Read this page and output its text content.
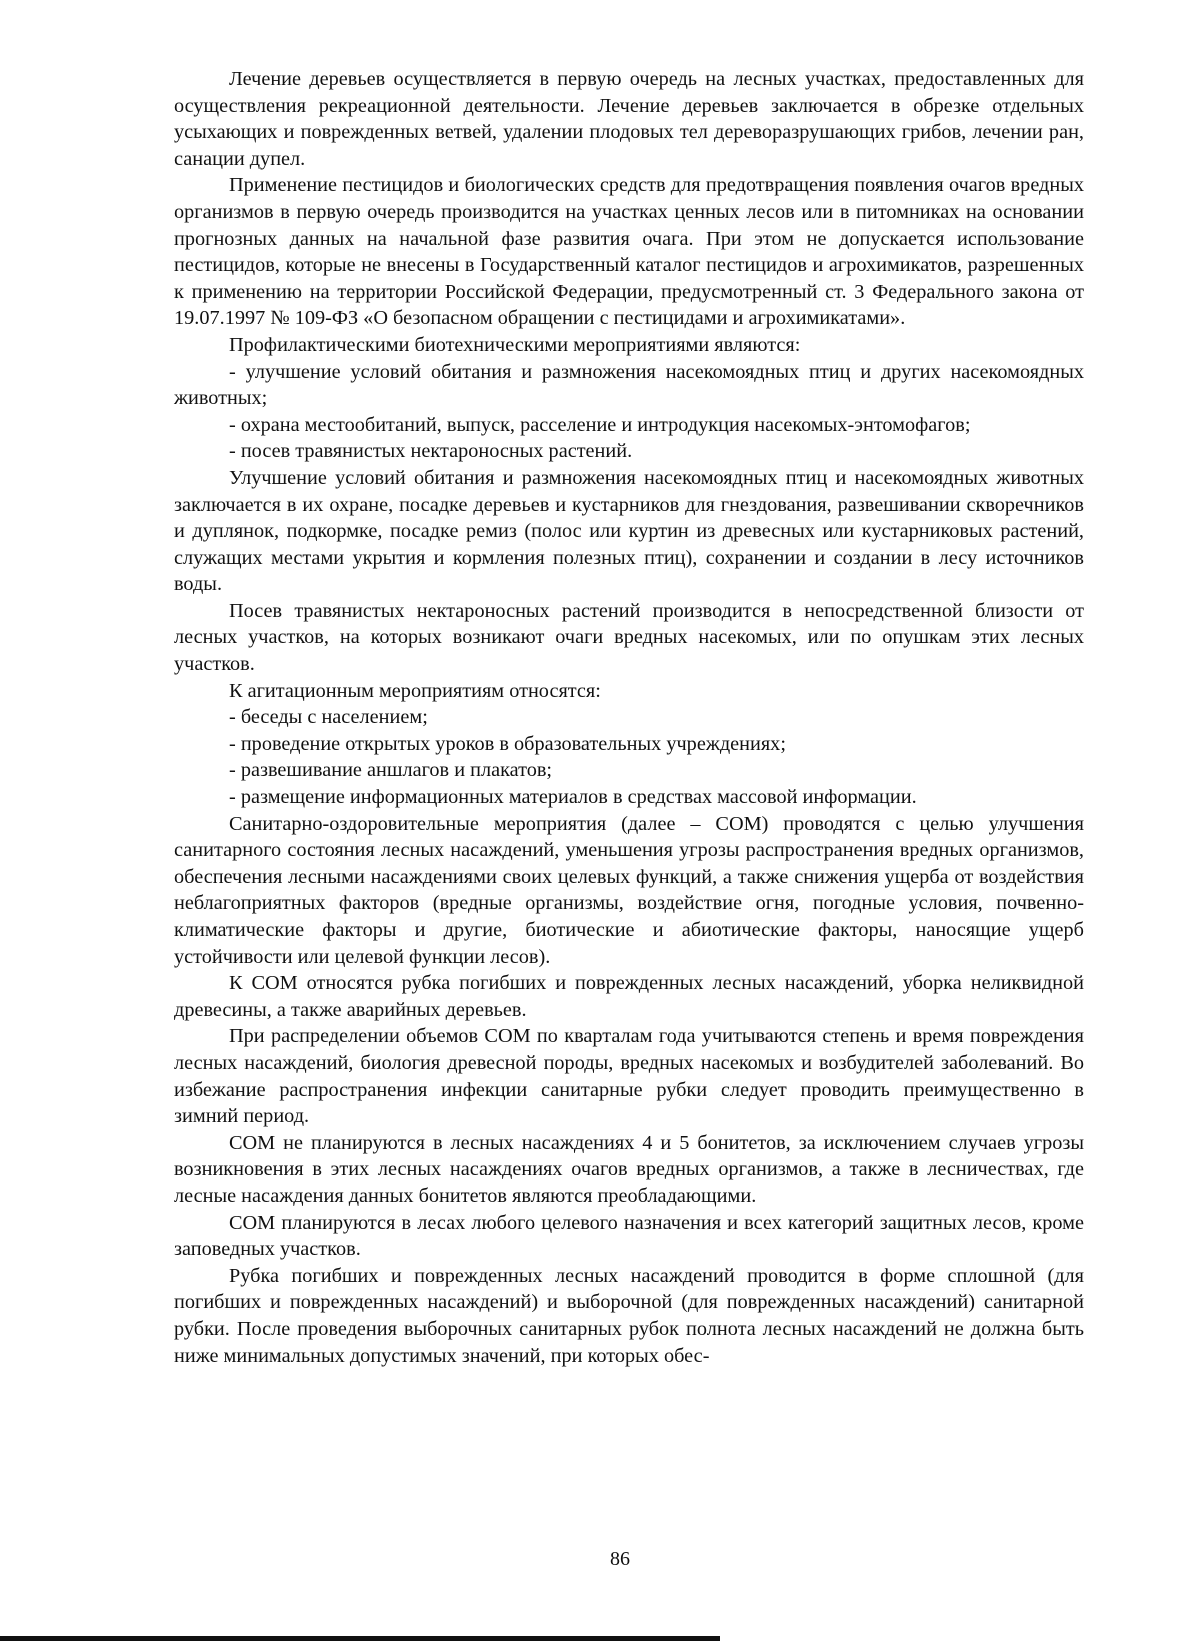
Лечение деревьев осуществляется в первую очередь на лесных участках, предоставленных для осуществления рекреационной деятельности. Лечение деревьев заключается в обрезке отдельных усыхающих и поврежденных ветвей, удалении плодовых тел дереворазрушающих грибов, лечении ран, санации дупел.

Применение пестицидов и биологических средств для предотвращения появления очагов вредных организмов в первую очередь производится на участках ценных лесов или в питомниках на основании прогнозных данных на начальной фазе развития очага. При этом не допускается использование пестицидов, которые не внесены в Государственный каталог пестицидов и агрохимикатов, разрешенных к применению на территории Российской Федерации, предусмотренный ст. 3 Федерального закона от 19.07.1997 № 109-ФЗ «О безопасном обращении с пестицидами и агрохимикатами».

Профилактическими биотехническими мероприятиями являются:

- улучшение условий обитания и размножения насекомоядных птиц и других насекомоядных животных;

- охрана местообитаний, выпуск, расселение и интродукция насекомых-энтомофагов;

- посев травянистых нектароносных растений.

Улучшение условий обитания и размножения насекомоядных птиц и насекомоядных животных заключается в их охране, посадке деревьев и кустарников для гнездования, развешивании скворечников и дуплянок, подкормке, посадке ремиз (полос или куртин из древесных или кустарниковых растений, служащих местами укрытия и кормления полезных птиц), сохранении и создании в лесу источников воды.

Посев травянистых нектароносных растений производится в непосредственной близости от лесных участков, на которых возникают очаги вредных насекомых, или по опушкам этих лесных участков.

К агитационным мероприятиям относятся:

- беседы с населением;

- проведение открытых уроков в образовательных учреждениях;

- развешивание аншлагов и плакатов;

- размещение информационных материалов в средствах массовой информации.

Санитарно-оздоровительные мероприятия (далее – СОМ) проводятся с целью улучшения санитарного состояния лесных насаждений, уменьшения угрозы распространения вредных организмов, обеспечения лесными насаждениями своих целевых функций, а также снижения ущерба от воздействия неблагоприятных факторов (вредные организмы, воздействие огня, погодные условия, почвенно-климатические факторы и другие, биотические и абиотические факторы, наносящие ущерб устойчивости или целевой функции лесов).

К СОМ относятся рубка погибших и поврежденных лесных насаждений, уборка неликвидной древесины, а также аварийных деревьев.

При распределении объемов СОМ по кварталам года учитываются степень и время повреждения лесных насаждений, биология древесной породы, вредных насекомых и возбудителей заболеваний. Во избежание распространения инфекции санитарные рубки следует проводить преимущественно в зимний период.

СОМ не планируются в лесных насаждениях 4 и 5 бонитетов, за исключением случаев угрозы возникновения в этих лесных насаждениях очагов вредных организмов, а также в лесничествах, где лесные насаждения данных бонитетов являются преобладающими.

СОМ планируются в лесах любого целевого назначения и всех категорий защитных лесов, кроме заповедных участков.

Рубка погибших и поврежденных лесных насаждений проводится в форме сплошной (для погибших и поврежденных насаждений) и выборочной (для поврежденных насаждений) санитарной рубки. После проведения выборочных санитарных рубок полнота лесных насаждений не должна быть ниже минимальных допустимых значений, при которых обес-

86
